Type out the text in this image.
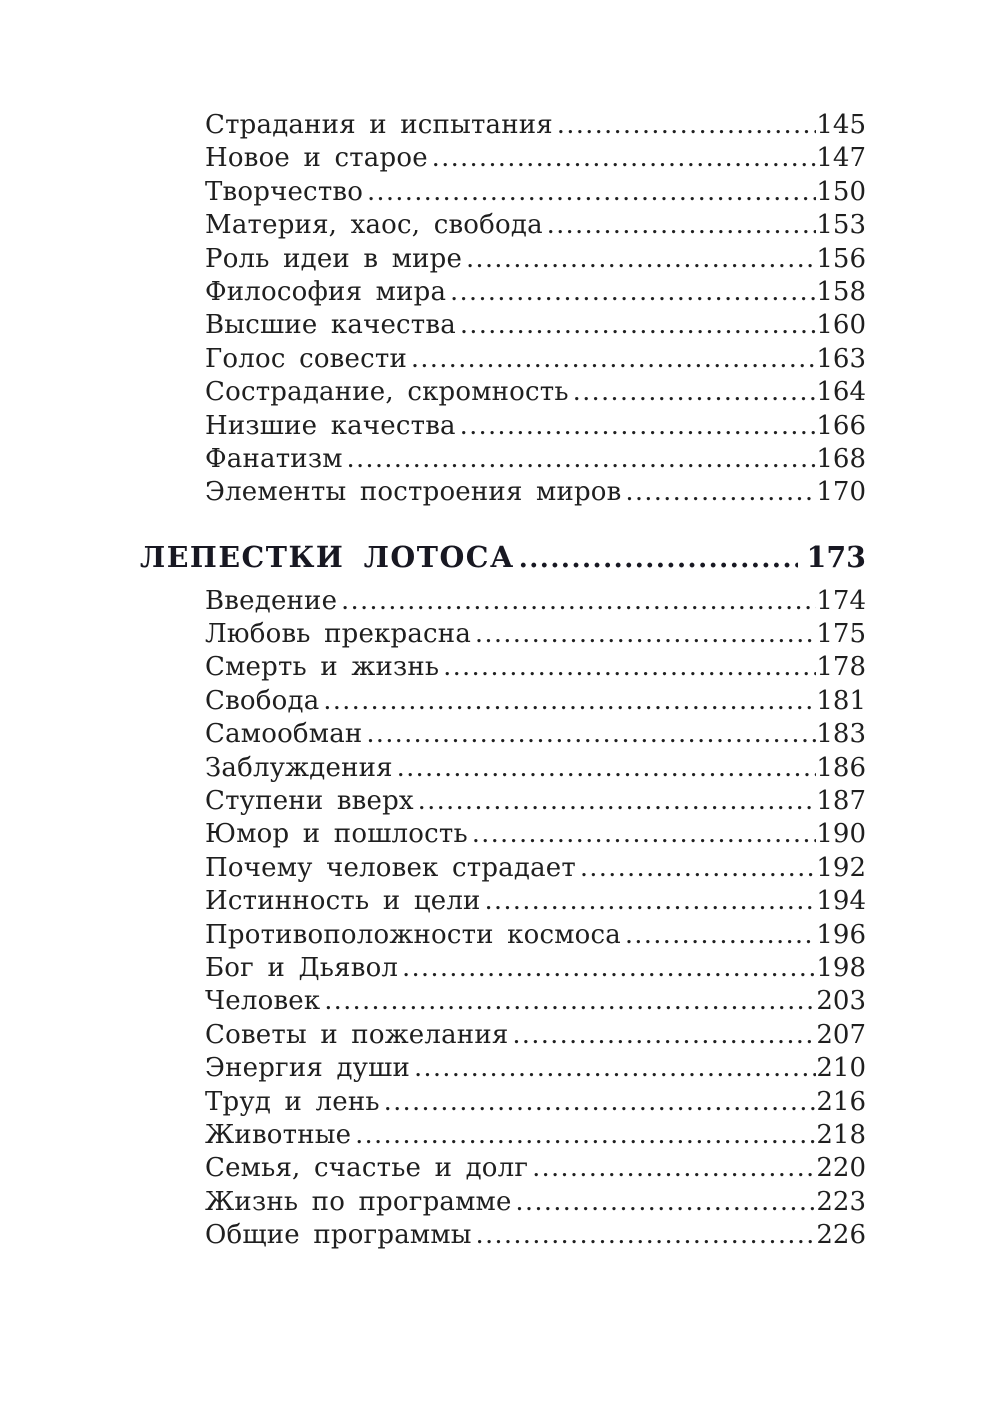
Страдания и испытания .....	145
Новое и старое .....	147
Творчество .....	150
Материя, хаос, свобода .....	153
Роль идеи в мире .....	156
Философия мира .....	158
Высшие качества .....	160
Голос совести .....	163
Сострадание, скромность .....	164
Низшие качества .....	166
Фанатизм .....	168
Элементы построения миров .....	170
ЛЕПЕСТКИ ЛОТОСА .....	173
Введение .....	174
Любовь прекрасна .....	175
Смерть и жизнь .....	178
Свобода .....	181
Самообман .....	183
Заблуждения .....	186
Ступени вверх .....	187
Юмор и пошлость .....	190
Почему человек страдает .....	192
Истинность и цели .....	194
Противоположности космоса .....	196
Бог и Дьявол .....	198
Человек .....	203
Советы и пожелания .....	207
Энергия души .....	210
Труд и лень .....	216
Животные .....	218
Семья, счастье и долг .....	220
Жизнь по программе .....	223
Общие программы .....	226
